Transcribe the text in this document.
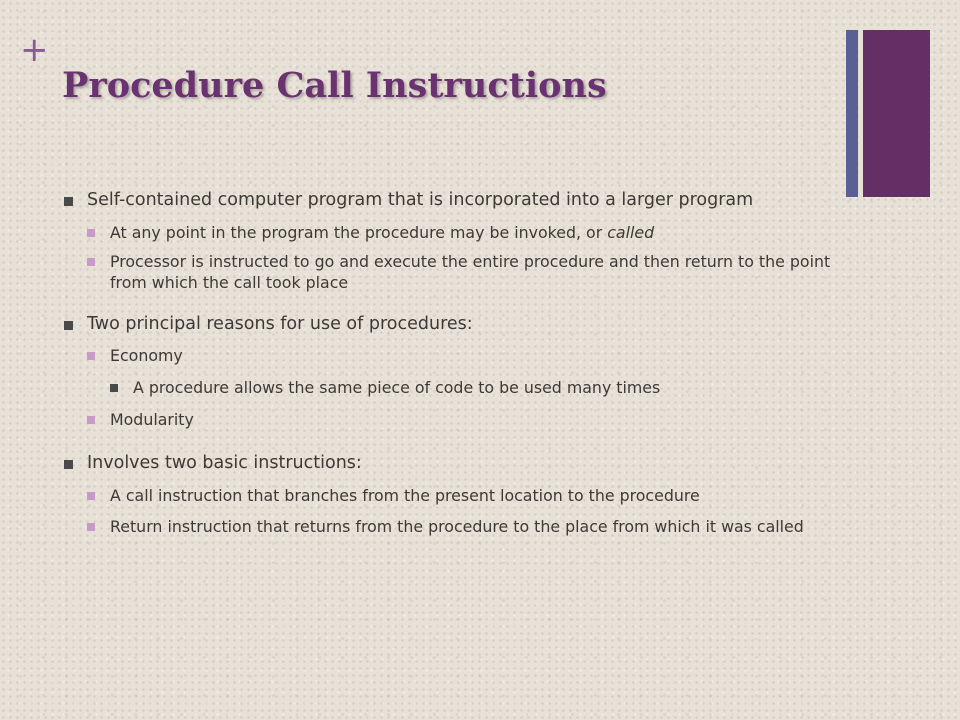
+
Procedure Call Instructions
Self-contained computer program that is incorporated into a larger program
At any point in the program the procedure may be invoked, or called
Processor is instructed to go and execute the entire procedure and then return to the point from which the call took place
Two principal reasons for use of procedures:
Economy
A procedure allows the same piece of code to be used many times
Modularity
Involves two basic instructions:
A call instruction that branches from the present location to the procedure
Return instruction that returns from the procedure to the place from which it was called
